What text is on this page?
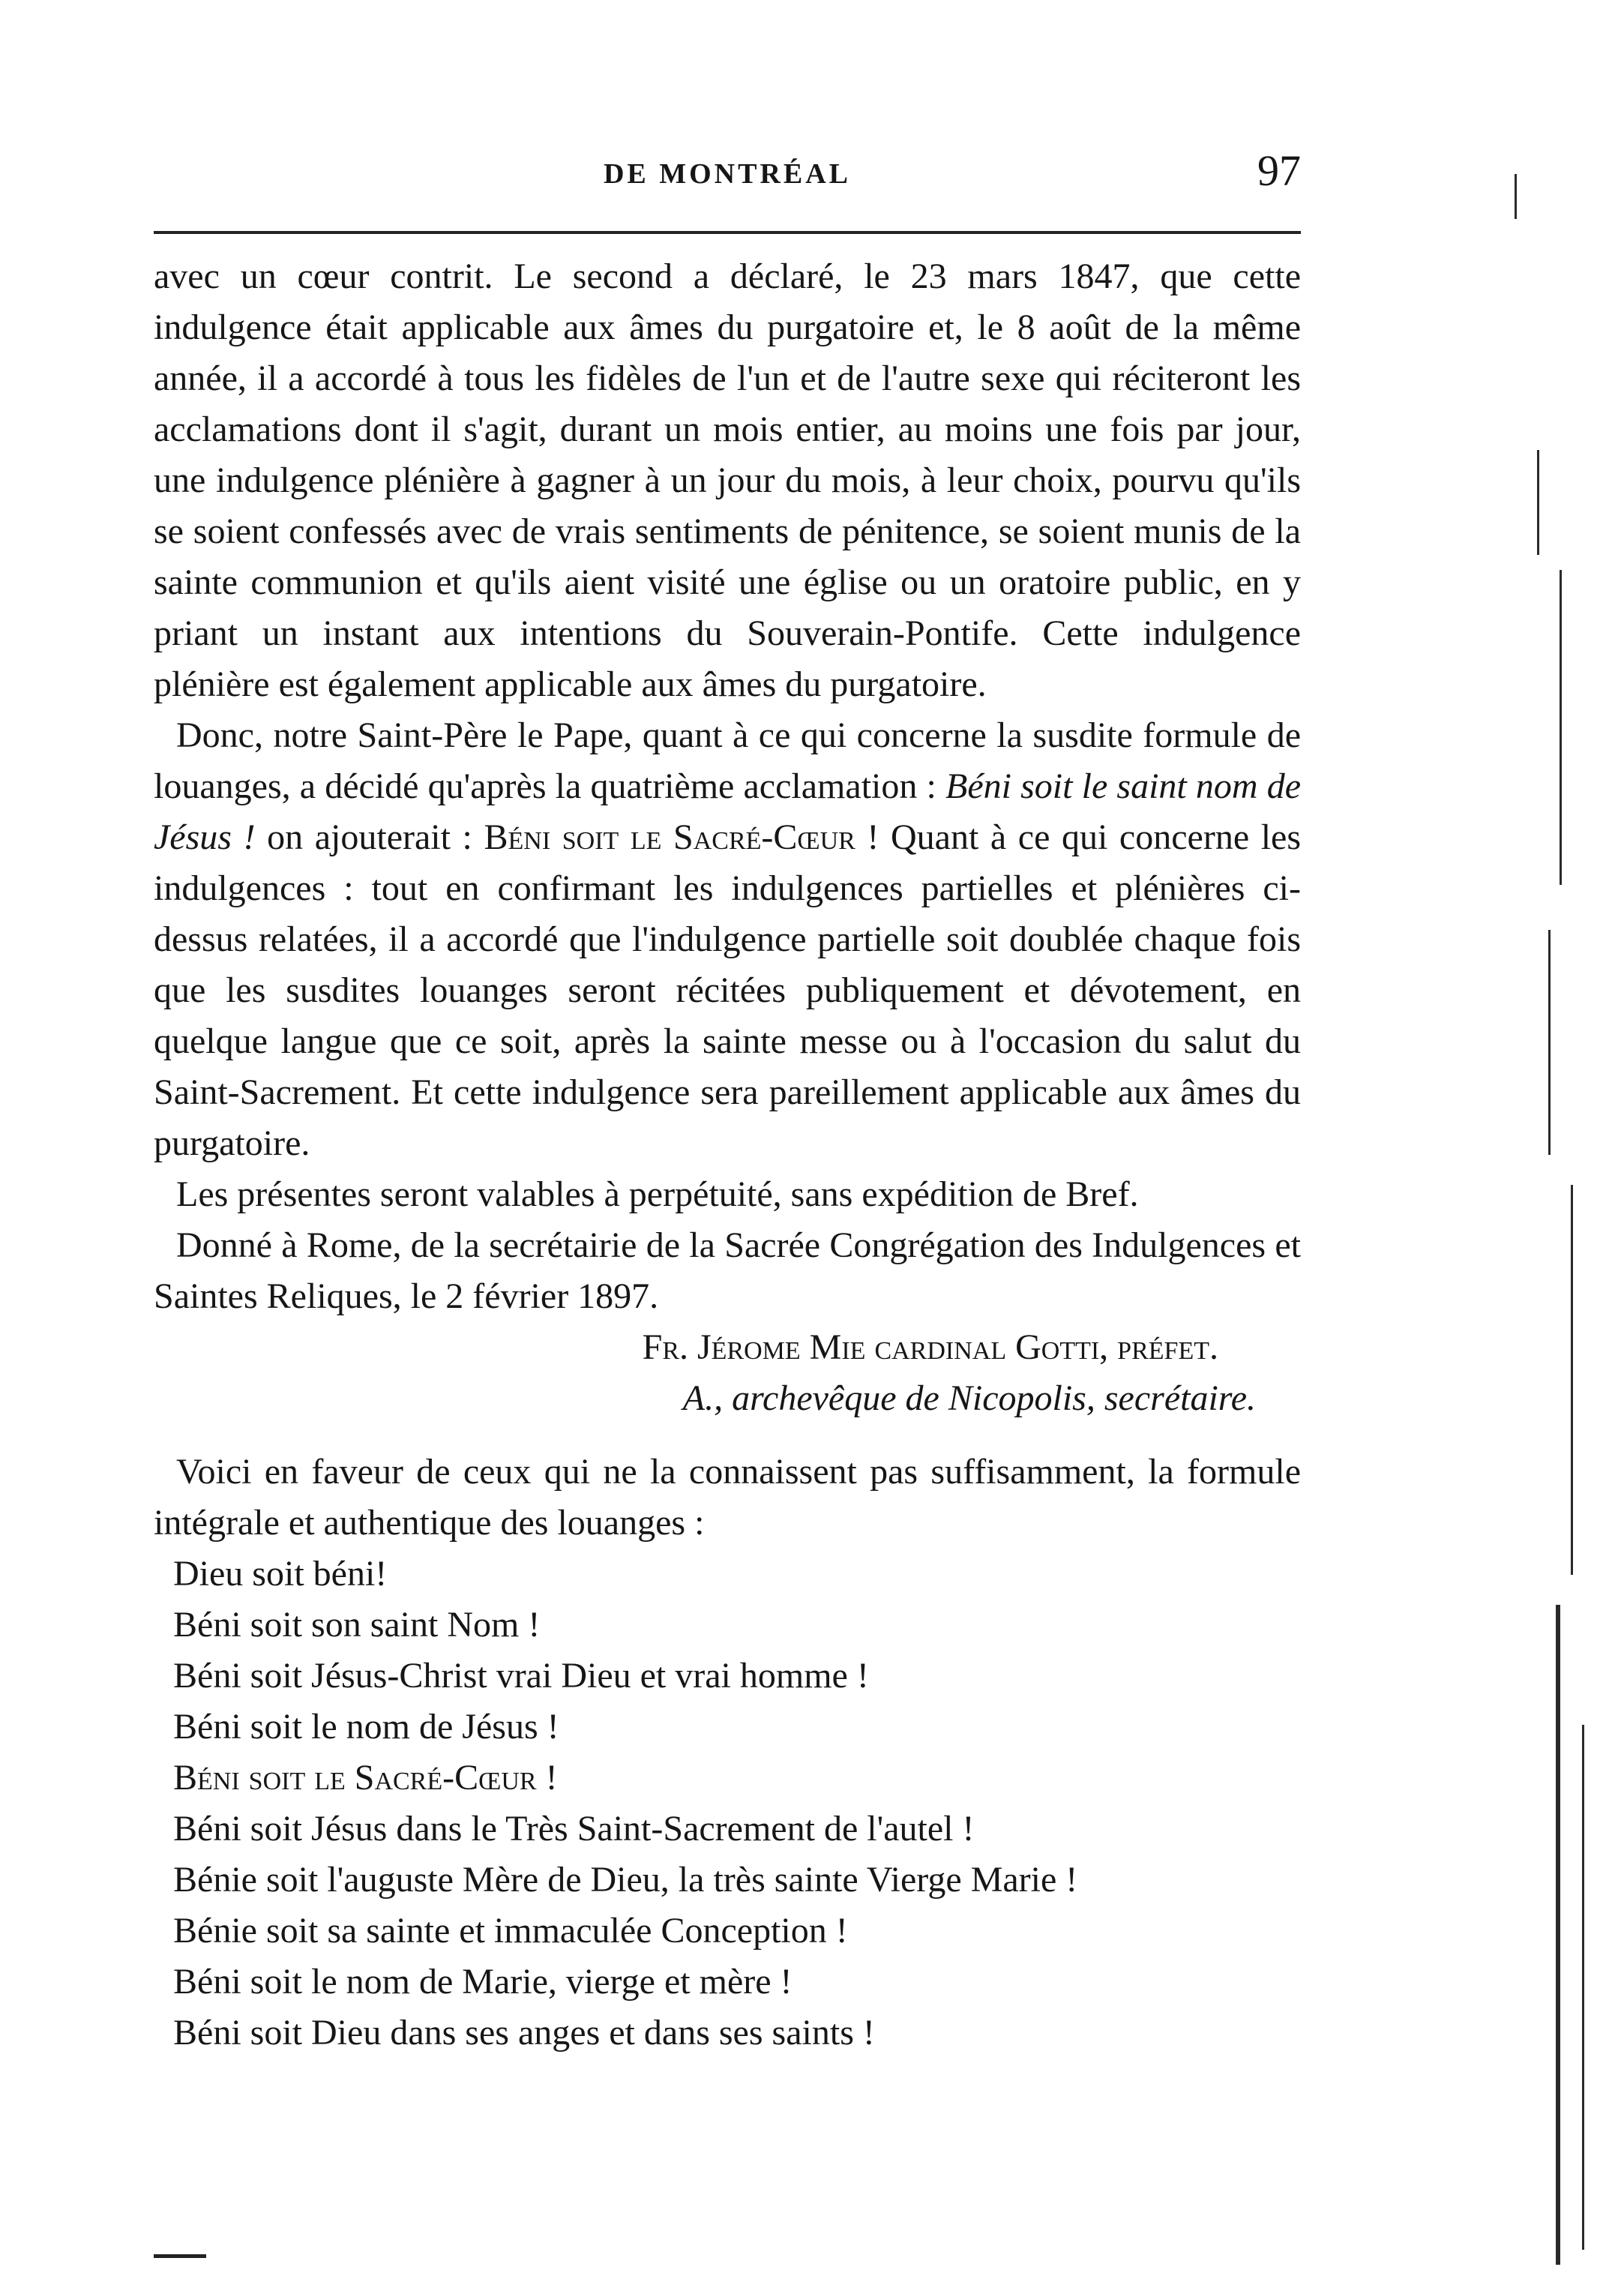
DE MONTRÉAL	97

avec un cœur contrit. Le second a déclaré, le 23 mars 1847, que cette indulgence était applicable aux âmes du purgatoire et, le 8 août de la même année, il a accordé à tous les fidèles de l'un et de l'autre sexe qui réciteront les acclamations dont il s'agit, durant un mois entier, au moins une fois par jour, une indulgence plénière à gagner à un jour du mois, à leur choix, pourvu qu'ils se soient confessés avec de vrais sentiments de pénitence, se soient munis de la sainte communion et qu'ils aient visité une église ou un oratoire public, en y priant un instant aux intentions du Souverain-Pontife. Cette indulgence plénière est également applicable aux âmes du purgatoire.

Donc, notre Saint-Père le Pape, quant à ce qui concerne la susdite formule de louanges, a décidé qu'après la quatrième acclamation : Béni soit le saint nom de Jésus ! on ajouterait : Béni soit le Sacré-Cœur ! Quant à ce qui concerne les indulgences : tout en confirmant les indulgences partielles et plénières ci-dessus relatées, il a accordé que l'indulgence partielle soit doublée chaque fois que les susdites louanges seront récitées publiquement et dévotement, en quelque langue que ce soit, après la sainte messe ou à l'occasion du salut du Saint-Sacrement. Et cette indulgence sera pareillement applicable aux âmes du purgatoire.

Les présentes seront valables à perpétuité, sans expédition de Bref.

Donné à Rome, de la secrétairie de la Sacrée Congrégation des Indulgences et Saintes Reliques, le 2 février 1897.

Fr. Jérome Mie cardinal Gotti, préfet.

A., archevêque de Nicopolis, secrétaire.

Voici en faveur de ceux qui ne la connaissent pas suffisamment, la formule intégrale et authentique des louanges :

Dieu soit béni!
Béni soit son saint Nom !
Béni soit Jésus-Christ vrai Dieu et vrai homme !
Béni soit le nom de Jésus !
Béni soit le Sacré-Cœur !
Béni soit Jésus dans le Très Saint-Sacrement de l'autel !
Bénie soit l'auguste Mère de Dieu, la très sainte Vierge Marie !
Bénie soit sa sainte et immaculée Conception !
Béni soit le nom de Marie, vierge et mère !
Béni soit Dieu dans ses anges et dans ses saints !
